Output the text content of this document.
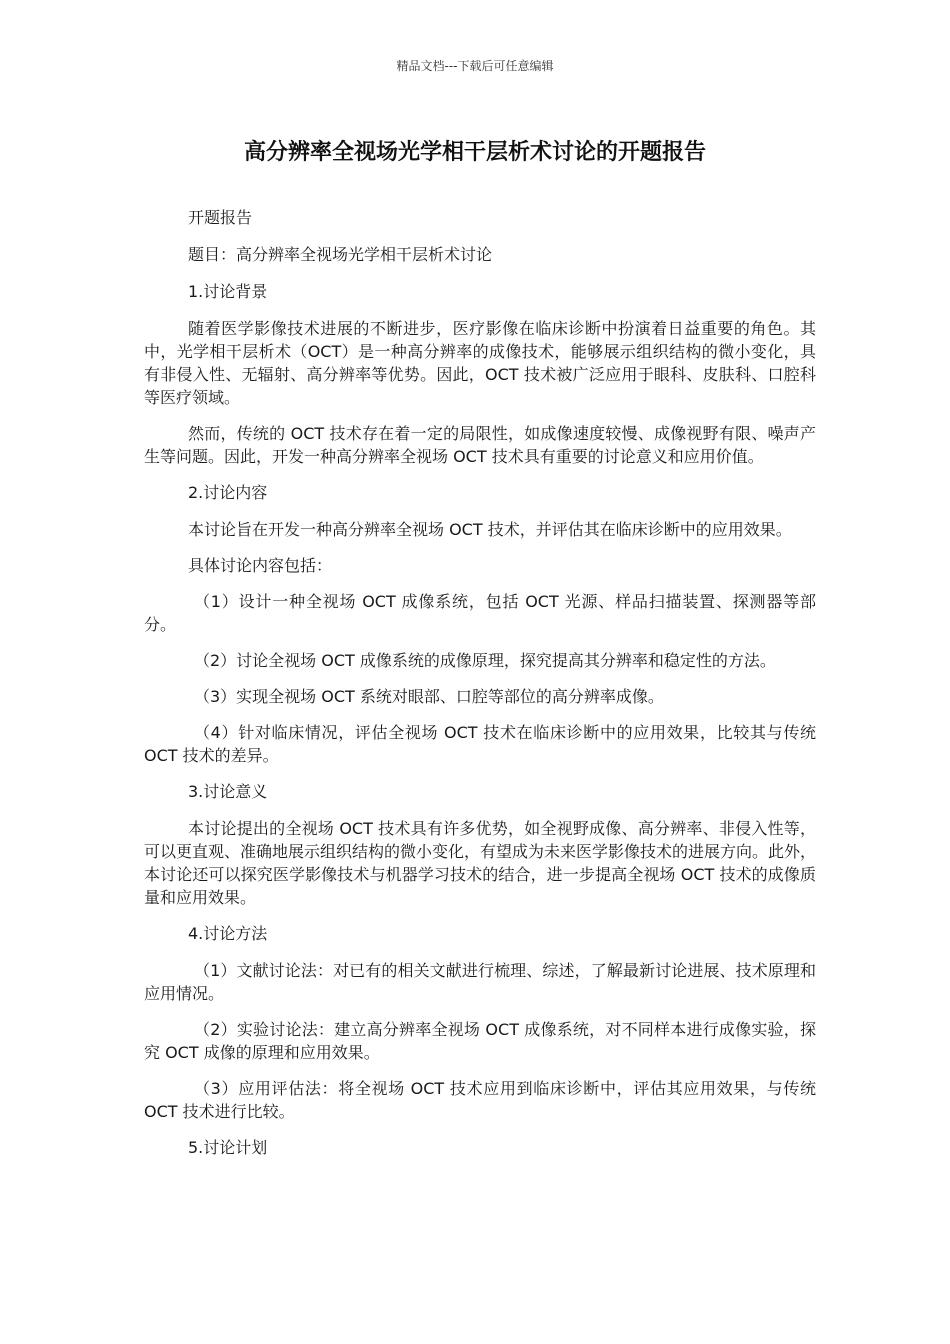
精品文档---下载后可任意编辑
高分辨率全视场光学相干层析术讨论的开题报告

开题报告

题目：高分辨率全视场光学相干层析术讨论

1.讨论背景

随着医学影像技术进展的不断进步，医疗影像在临床诊断中扮演着日益重要的角色。其中，光学相干层析术（OCT）是一种高分辨率的成像技术，能够展示组织结构的微小变化，具有非侵入性、无辐射、高分辨率等优势。因此，OCT 技术被广泛应用于眼科、皮肤科、口腔科等医疗领域。

然而，传统的 OCT 技术存在着一定的局限性，如成像速度较慢、成像视野有限、噪声产生等问题。因此，开发一种高分辨率全视场 OCT 技术具有重要的讨论意义和应用价值。

2.讨论内容

本讨论旨在开发一种高分辨率全视场 OCT 技术，并评估其在临床诊断中的应用效果。

具体讨论内容包括：

（1）设计一种全视场 OCT 成像系统，包括 OCT 光源、样品扫描装置、探测器等部分。

（2）讨论全视场 OCT 成像系统的成像原理，探究提高其分辨率和稳定性的方法。

（3）实现全视场 OCT 系统对眼部、口腔等部位的高分辨率成像。

（4）针对临床情况，评估全视场 OCT 技术在临床诊断中的应用效果，比较其与传统 OCT 技术的差异。

3.讨论意义

本讨论提出的全视场 OCT 技术具有许多优势，如全视野成像、高分辨率、非侵入性等，可以更直观、准确地展示组织结构的微小变化，有望成为未来医学影像技术的进展方向。此外，本讨论还可以探究医学影像技术与机器学习技术的结合，进一步提高全视场 OCT 技术的成像质量和应用效果。

4.讨论方法

（1）文献讨论法：对已有的相关文献进行梳理、综述，了解最新讨论进展、技术原理和应用情况。

（2）实验讨论法：建立高分辨率全视场 OCT 成像系统，对不同样本进行成像实验，探究 OCT 成像的原理和应用效果。

（3）应用评估法：将全视场 OCT 技术应用到临床诊断中，评估其应用效果，与传统 OCT 技术进行比较。

5.讨论计划
